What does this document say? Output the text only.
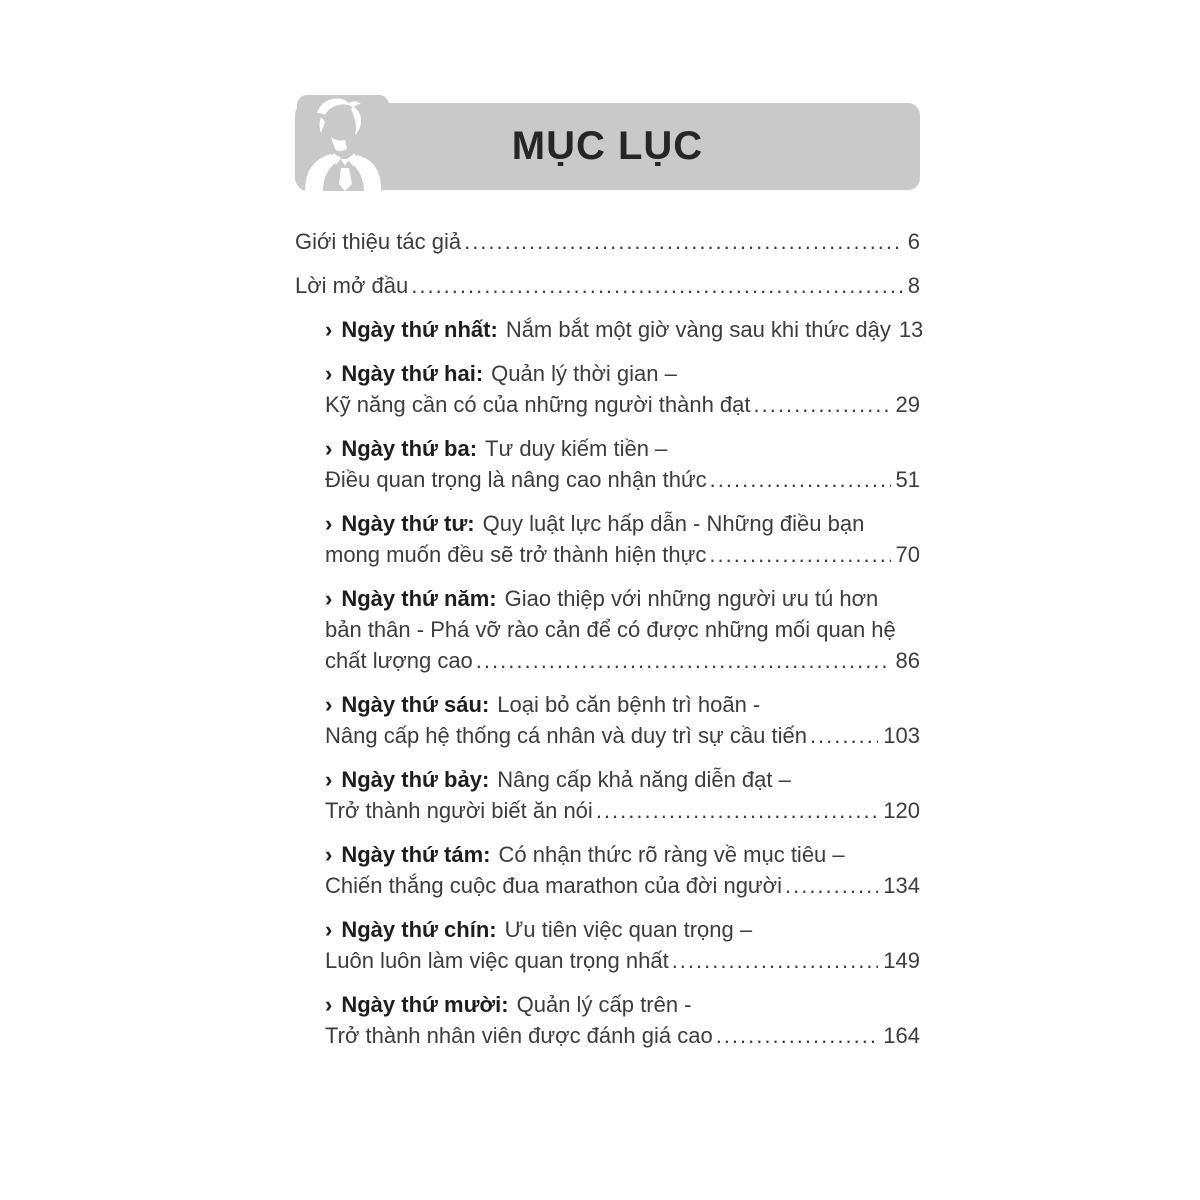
MỤC LỤC
Giới thiệu tác giả .....	6
Lời mở đầu .....	8
› Ngày thứ nhất: Nắm bắt một giờ vàng sau khi thức dậy 13
› Ngày thứ hai: Quản lý thời gian –
Kỹ năng cần có của những người thành đạt .....	29
› Ngày thứ ba: Tư duy kiếm tiền –
Điều quan trọng là nâng cao nhận thức .....	51
› Ngày thứ tư: Quy luật lực hấp dẫn - Những điều bạn
mong muốn đều sẽ trở thành hiện thực .....	70
› Ngày thứ năm: Giao thiệp với những người ưu tú hơn
bản thân - Phá vỡ rào cản để có được những mối quan hệ
chất lượng cao .....	86
› Ngày thứ sáu: Loại bỏ căn bệnh trì hoãn -
Nâng cấp hệ thống cá nhân và duy trì sự cầu tiến .....	103
› Ngày thứ bảy: Nâng cấp khả năng diễn đạt –
Trở thành người biết ăn nói .....	120
› Ngày thứ tám: Có nhận thức rõ ràng về mục tiêu –
Chiến thắng cuộc đua marathon của đời người .....	134
› Ngày thứ chín: Ưu tiên việc quan trọng –
Luôn luôn làm việc quan trọng nhất .....	149
› Ngày thứ mười: Quản lý cấp trên -
Trở thành nhân viên được đánh giá cao .....	164
